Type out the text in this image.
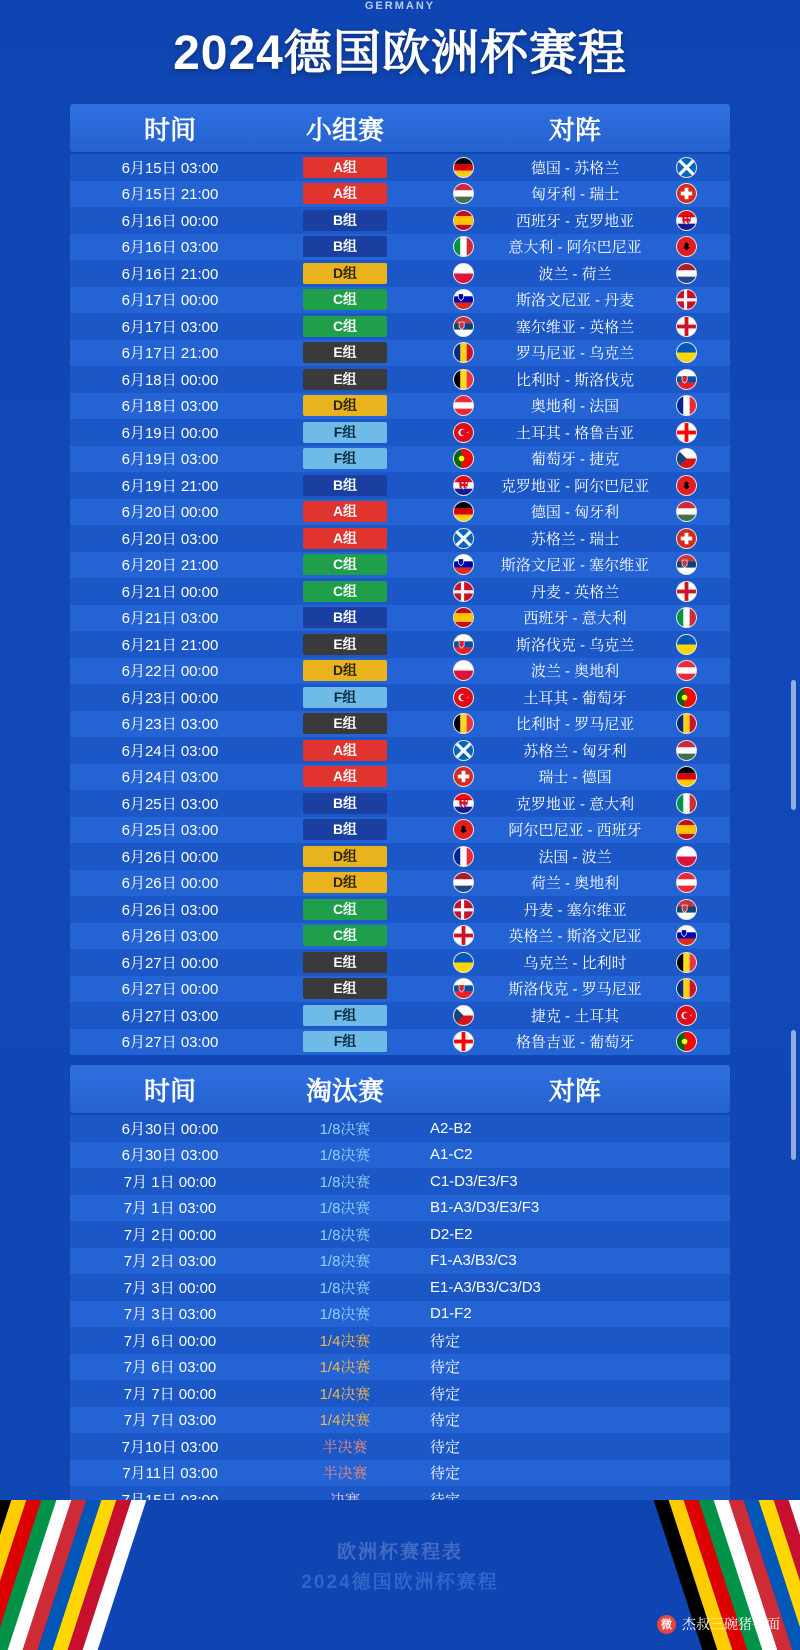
GERMANY
2024德国欧洲杯赛程
时间	小组赛	对阵
6月15日 03:00	A组	德国 - 苏格兰

6月15日 21:00	A组	匈牙利 - 瑞士

6月16日 00:00	B组	西班牙 - 克罗地亚

6月16日 03:00	B组	意大利 - 阿尔巴尼亚

6月16日 21:00	D组	波兰 - 荷兰

6月17日 00:00	C组	斯洛文尼亚 - 丹麦

6月17日 03:00	C组	塞尔维亚 - 英格兰

6月17日 21:00	E组	罗马尼亚 - 乌克兰

6月18日 00:00	E组	比利时 - 斯洛伐克

6月18日 03:00	D组	奥地利 - 法国

6月19日 00:00	F组	土耳其 - 格鲁吉亚

6月19日 03:00	F组	葡萄牙 - 捷克

6月19日 21:00	B组	克罗地亚 - 阿尔巴尼亚

6月20日 00:00	A组	德国 - 匈牙利

6月20日 03:00	A组	苏格兰 - 瑞士

6月20日 21:00	C组	斯洛文尼亚 - 塞尔维亚

6月21日 00:00	C组	丹麦 - 英格兰

6月21日 03:00	B组	西班牙 - 意大利

6月21日 21:00	E组	斯洛伐克 - 乌克兰

6月22日 00:00	D组	波兰 - 奥地利

6月23日 00:00	F组	土耳其 - 葡萄牙

6月23日 03:00	E组	比利时 - 罗马尼亚

6月24日 03:00	A组	苏格兰 - 匈牙利

6月24日 03:00	A组	瑞士 - 德国

6月25日 03:00	B组	克罗地亚 - 意大利

6月25日 03:00	B组	阿尔巴尼亚 - 西班牙

6月26日 00:00	D组	法国 - 波兰

6月26日 00:00	D组	荷兰 - 奥地利

6月26日 03:00	C组	丹麦 - 塞尔维亚

6月26日 03:00	C组	英格兰 - 斯洛文尼亚

6月27日 00:00	E组	乌克兰 - 比利时

6月27日 00:00	E组	斯洛伐克 - 罗马尼亚

6月27日 03:00	F组	捷克 - 土耳其

6月27日 03:00	F组	格鲁吉亚 - 葡萄牙
时间	淘汰赛	对阵
6月30日 00:00	1/8决赛	A2-B2
6月30日 03:00	1/8决赛	A1-C2
7月 1日 00:00	1/8决赛	C1-D3/E3/F3
7月 1日 03:00	1/8决赛	B1-A3/D3/E3/F3
7月 2日 00:00	1/8决赛	D2-E2
7月 2日 03:00	1/8决赛	F1-A3/B3/C3
7月 3日 00:00	1/8决赛	E1-A3/B3/C3/D3
7月 3日 03:00	1/8决赛	D1-F2
7月 6日 00:00	1/4决赛	待定
7月 6日 03:00	1/4决赛	待定
7月 7日 00:00	1/4决赛	待定
7月 7日 03:00	1/4决赛	待定
7月10日 03:00	半决赛	待定
7月11日 03:00	半决赛	待定

欧洲杯赛程表
2024德国欧洲杯赛程
微 杰叔三碗猪手面
